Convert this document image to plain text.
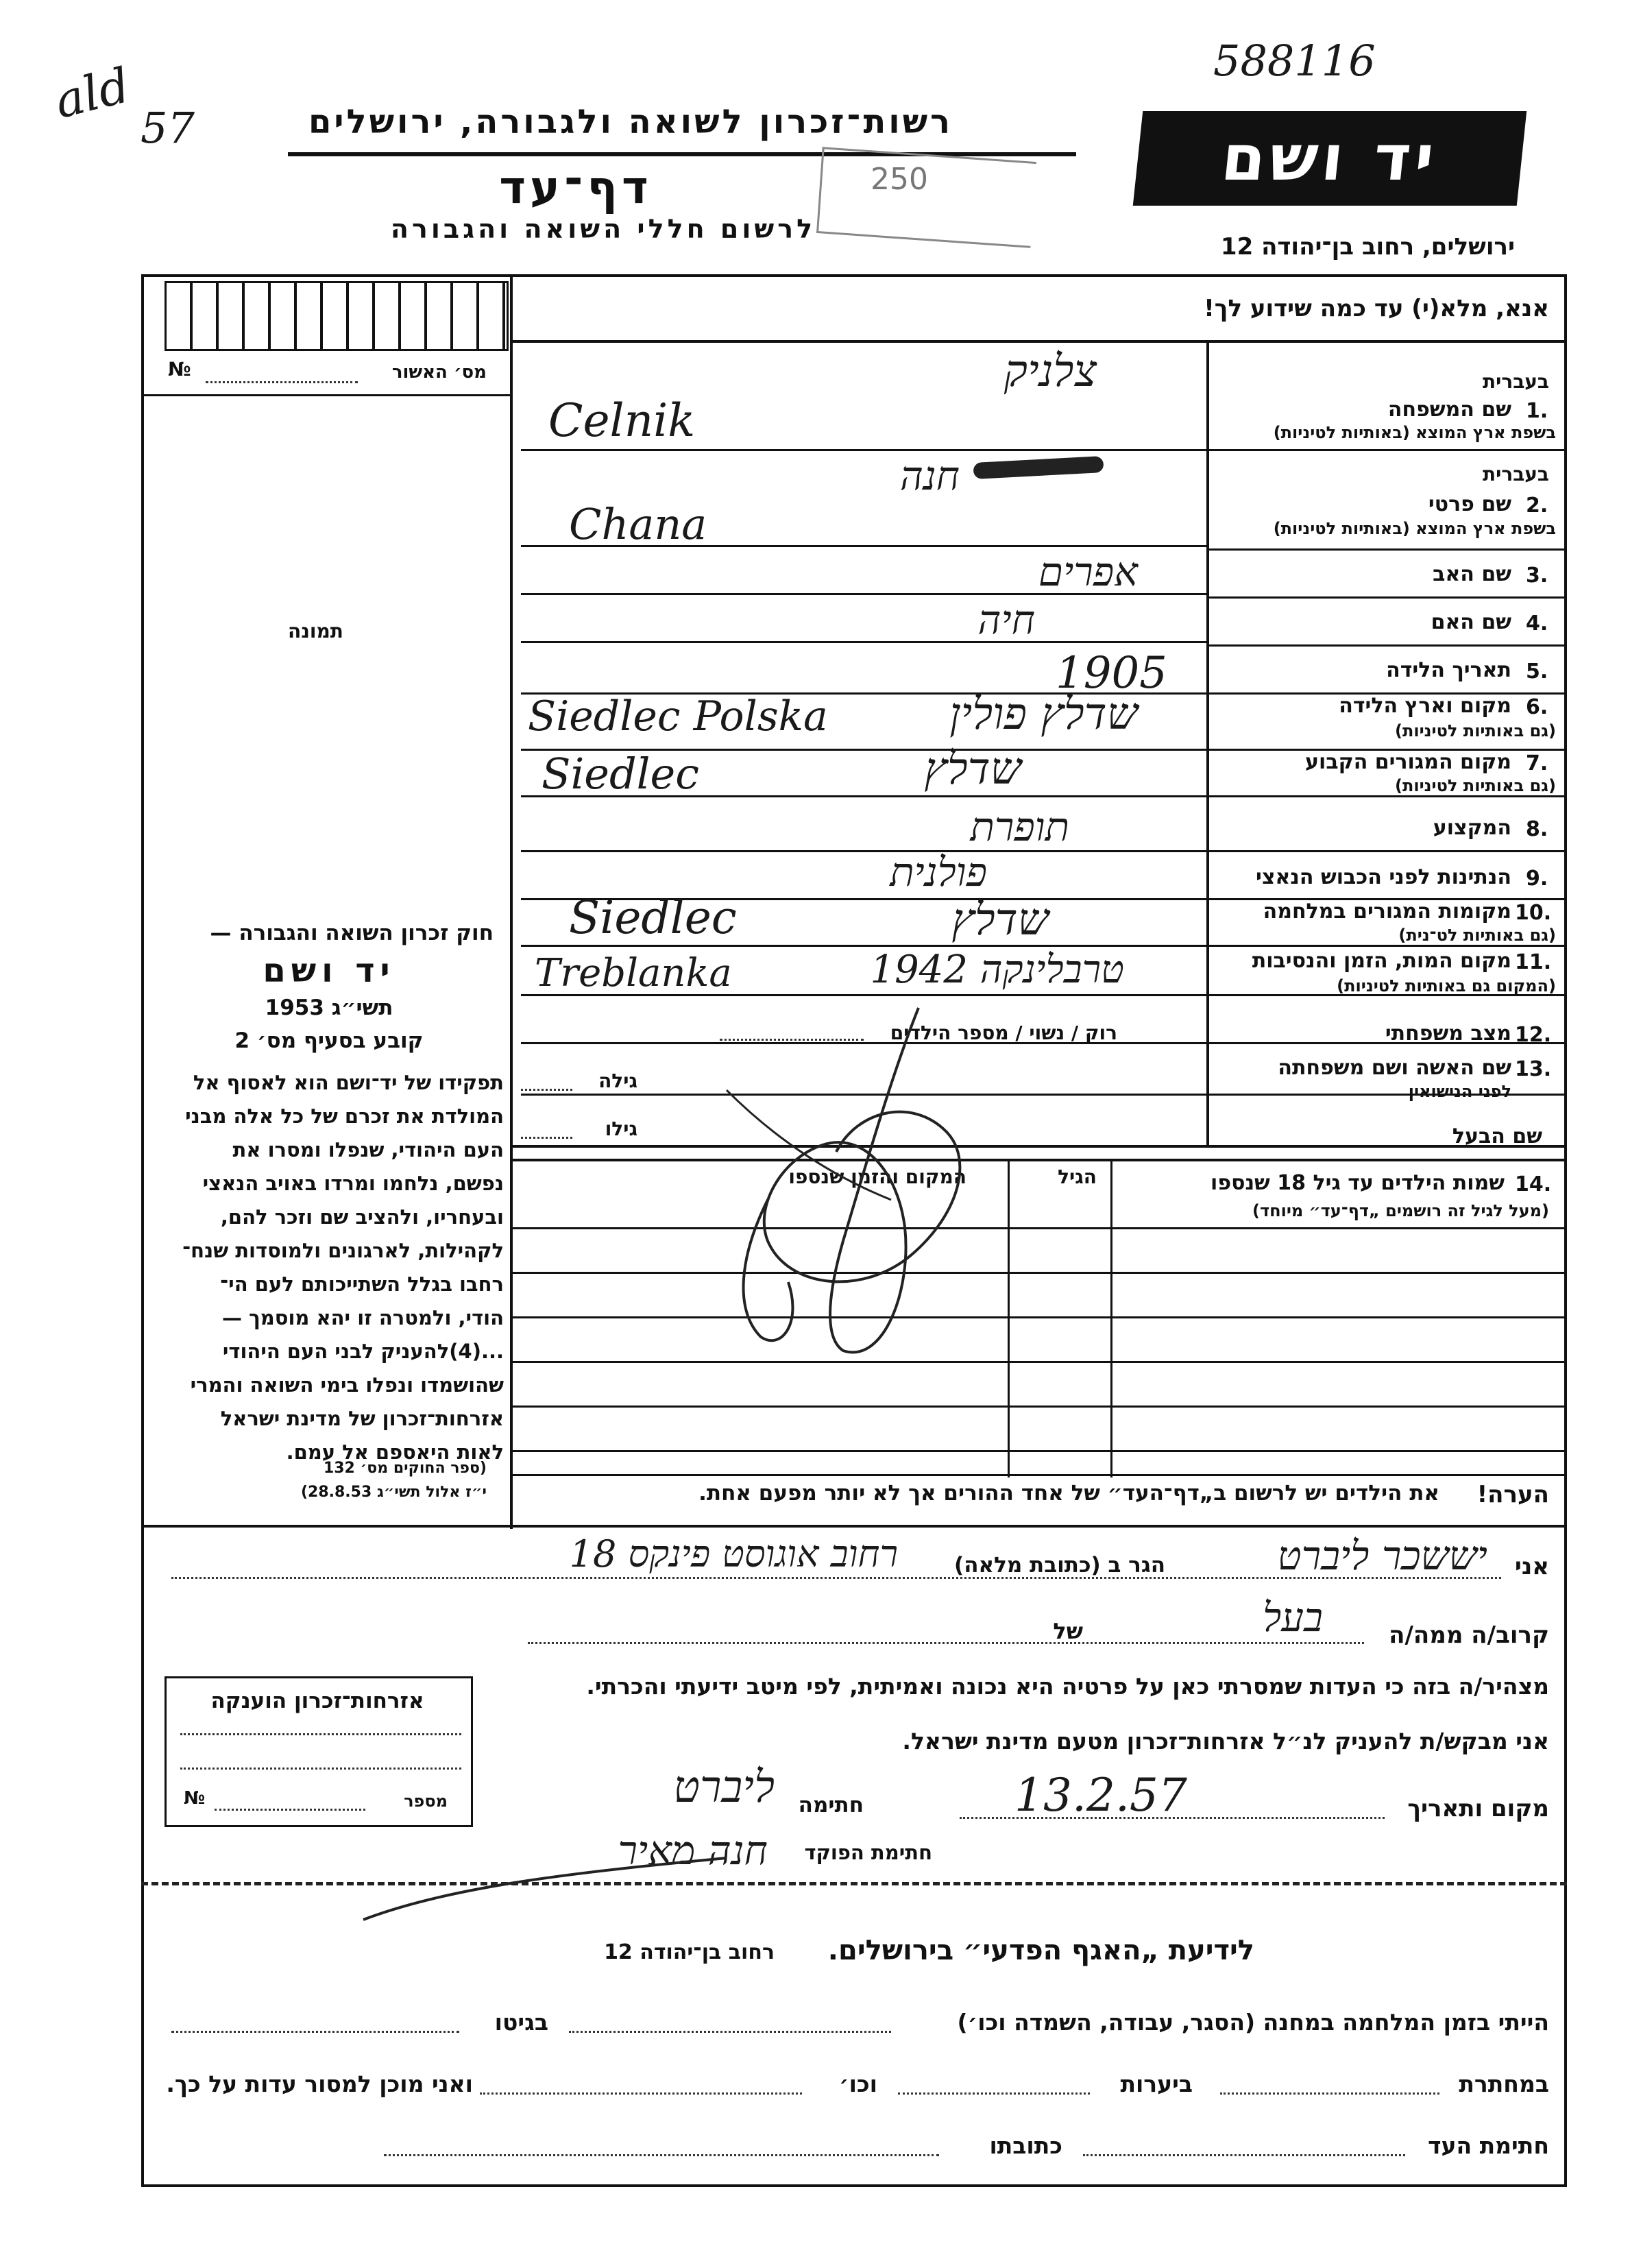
588116
57
ald	רשות־זכרון לשואה ולגבורה, ירושלים
דף־עד	250
לרשום חללי השואה והגבורה
יד ושם
ירושלים, רחוב בן־יהודה 12
מס׳ האשור
№
תמונה
אנא, מלא(י) עד כמה שידוע לך!
בעברית
שם המשפחה 1.
בשפת ארץ המוצא (באותיות לטיניות)
צלניק
Celnik
בעברית
שם פרטי 2.
בשפת ארץ המוצא (באותיות לטיניות)
חנה
Chana
שם האב 3.
אפרים
שם האם 4.
חיה
תאריך הלידה 5.
1905
מקום וארץ הלידה 6.
(גם באותיות לטיניות)
שדלץ פולין
Siedlec Polska
מקום המגורים הקבוע 7.
(גם באותיות לטיניות)
שדלץ
Siedlec
המקצוע 8.
תופרת
הנתינות לפני הכבוש הנאצי 9.
פולנית
מקומות המגורים במלחמה 10.
(גם באותיות לט־נית)
שדלץ
Siedlec
מקום המות, הזמן והנסיבות 11.
(המקום גם באותיות לטיניות)
טרבלינקה 1942
Treblanka
מצב משפחתי 12.
רוק / נשוי / מספר הילדים
שם האשה ושם משפחתה 13.
לפני הנישואין
גילה
שם הבעל
גילו
שמות הילדים עד גיל 18 שנספו 14.
(מעל לגיל זה רושמים „דף־עד״ מיוחד)
הגיל
המקום והזמן שנספו
הערה!
את הילדים יש לרשום ב„דף־העד״ של אחד ההורים אך לא יותר מפעם אחת.
חוק זכרון השואה והגבורה —
יד ושם
תשי״ג 1953
קובע בסעיף מס׳ 2
תפקידו של יד־ושם הוא לאסוף אל
המולדת את זכרם של כל אלה מבני
העם היהודי, שנפלו ומסרו את
נפשם, נלחמו ומרדו באויב הנאצי
ובעחריו, ולהציב שם וזכר להם,
לקהילות, לארגונים ולמוסדות שנח־
רחבו בגלל השתייכותם לעם הי־
הודי, ולמטרה זו יהא מוסמך —
...(4)להעניק לבני העם היהודי
שהושמדו ונפלו בימי השואה והמרי
אזרחות־זכרון של מדינת ישראל
לאות היאספם אל עמם.
(ספר החוקים מס׳ 132
י״ז אלול תשי״ג 28.8.53)
אני
יששכר ליברט
הגר ב (כתובת מלאה)
רחוב אוגוסט פינקס 18
קרוב/ה ממה/ה
בעל
של
מצהיר/ה בזה כי העדות שמסרתי כאן על פרטיה היא נכונה ואמיתית, לפי מיטב ידיעתי והכרתי.
אני מבקש/ת להעניק לנ״ל אזרחות־זכרון מטעם מדינת ישראל.
מקום ותאריך
13.2.57
חתימה
ליברט
חתימת הפוקד
חנה מאיר
אזרחות־זכרון הוענקה
מספר
№
לידיעת „האגף הפדעי״ בירושלים.
רחוב בן־יהודה 12
הייתי בזמן המלחמה במחנה (הסגר, עבודה, השמדה וכו׳)
בגיטו
במחתרת
ביערות
וכו׳
ואני מוכן למסור עדות על כך.
חתימת העד
כתובתו
